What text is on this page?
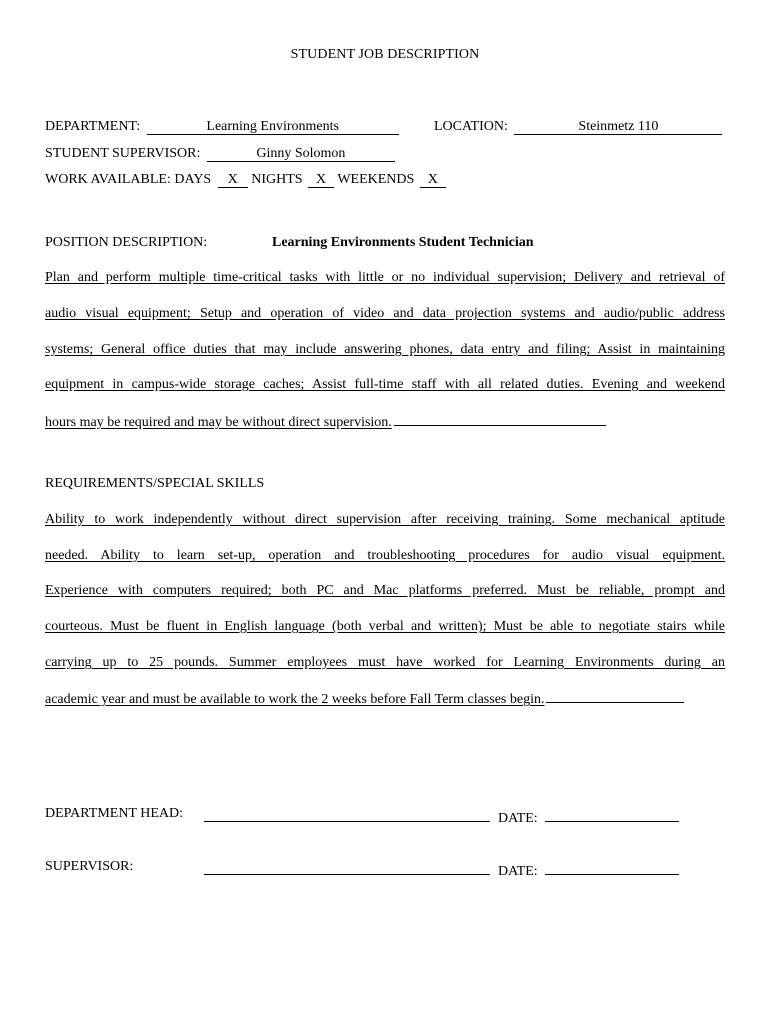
STUDENT JOB DESCRIPTION
DEPARTMENT:	Learning Environments	LOCATION:	Steinmetz 110
STUDENT SUPERVISOR:	Ginny Solomon
WORK AVAILABLE: DAYS X NIGHTS X WEEKENDS X
POSITION DESCRIPTION:	Learning Environments Student Technician
Plan and perform multiple time-critical tasks with little or no individual supervision; Delivery and retrieval of
audio visual equipment; Setup and operation of video and data projection systems and audio/public address
systems; General office duties that may include answering phones, data entry and filing; Assist in maintaining
equipment in campus-wide storage caches; Assist full-time staff with all related duties. Evening and weekend
hours may be required and may be without direct supervision.
REQUIREMENTS/SPECIAL SKILLS
Ability to work independently without direct supervision after receiving training. Some mechanical aptitude
needed. Ability to learn set-up, operation and troubleshooting procedures for audio visual equipment.
Experience with computers required; both PC and Mac platforms preferred. Must be reliable, prompt and
courteous. Must be fluent in English language (both verbal and written); Must be able to negotiate stairs while
carrying up to 25 pounds. Summer employees must have worked for Learning Environments during an
academic year and must be available to work the 2 weeks before Fall Term classes begin.
DEPARTMENT HEAD:	DATE:
SUPERVISOR:	DATE:
